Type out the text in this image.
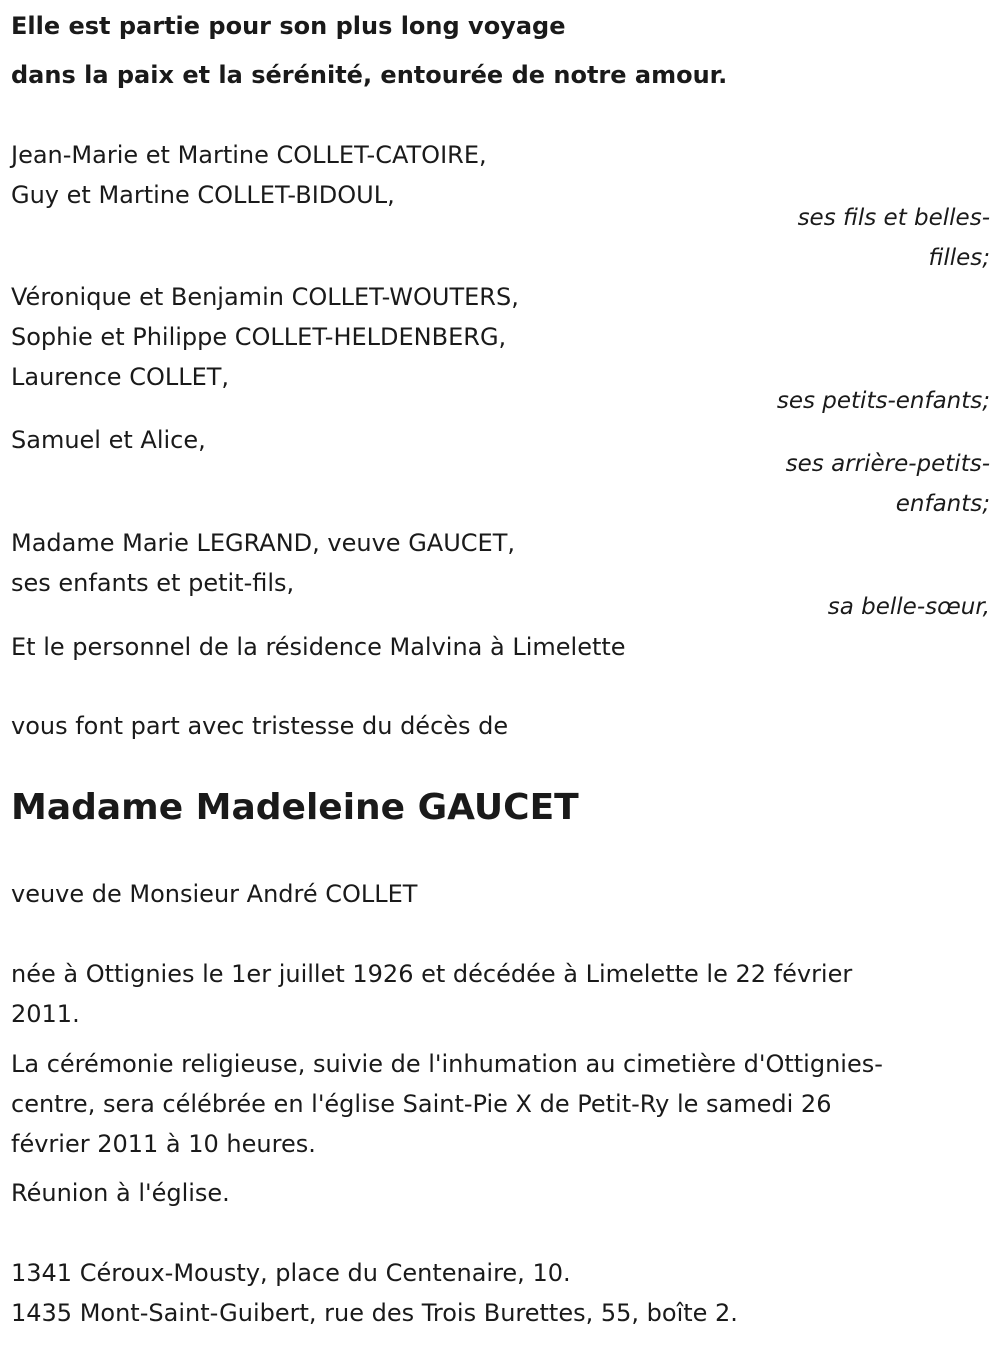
Elle est partie pour son plus long voyage
dans la paix et la sérénité, entourée de notre amour.
Jean-Marie et Martine COLLET-CATOIRE,
Guy et Martine COLLET-BIDOUL,
ses fils et belles-
filles;
Véronique et Benjamin COLLET-WOUTERS,
Sophie et Philippe COLLET-HELDENBERG,
Laurence COLLET,
ses petits-enfants;
Samuel et Alice,
ses arrière-petits-
enfants;
Madame Marie LEGRAND, veuve GAUCET,
ses enfants et petit-fils,
sa belle-sœur,
Et le personnel de la résidence Malvina à Limelette
vous font part avec tristesse du décès de
Madame Madeleine GAUCET
veuve de Monsieur André COLLET
née à Ottignies le 1er juillet 1926 et décédée à Limelette le 22 février
2011.
La cérémonie religieuse, suivie de l'inhumation au cimetière d'Ottignies-
centre, sera célébrée en l'église Saint-Pie X de Petit-Ry le samedi 26
février 2011 à 10 heures.
Réunion à l'église.
1341 Céroux-Mousty, place du Centenaire, 10.
1435 Mont-Saint-Guibert, rue des Trois Burettes, 55, boîte 2.
